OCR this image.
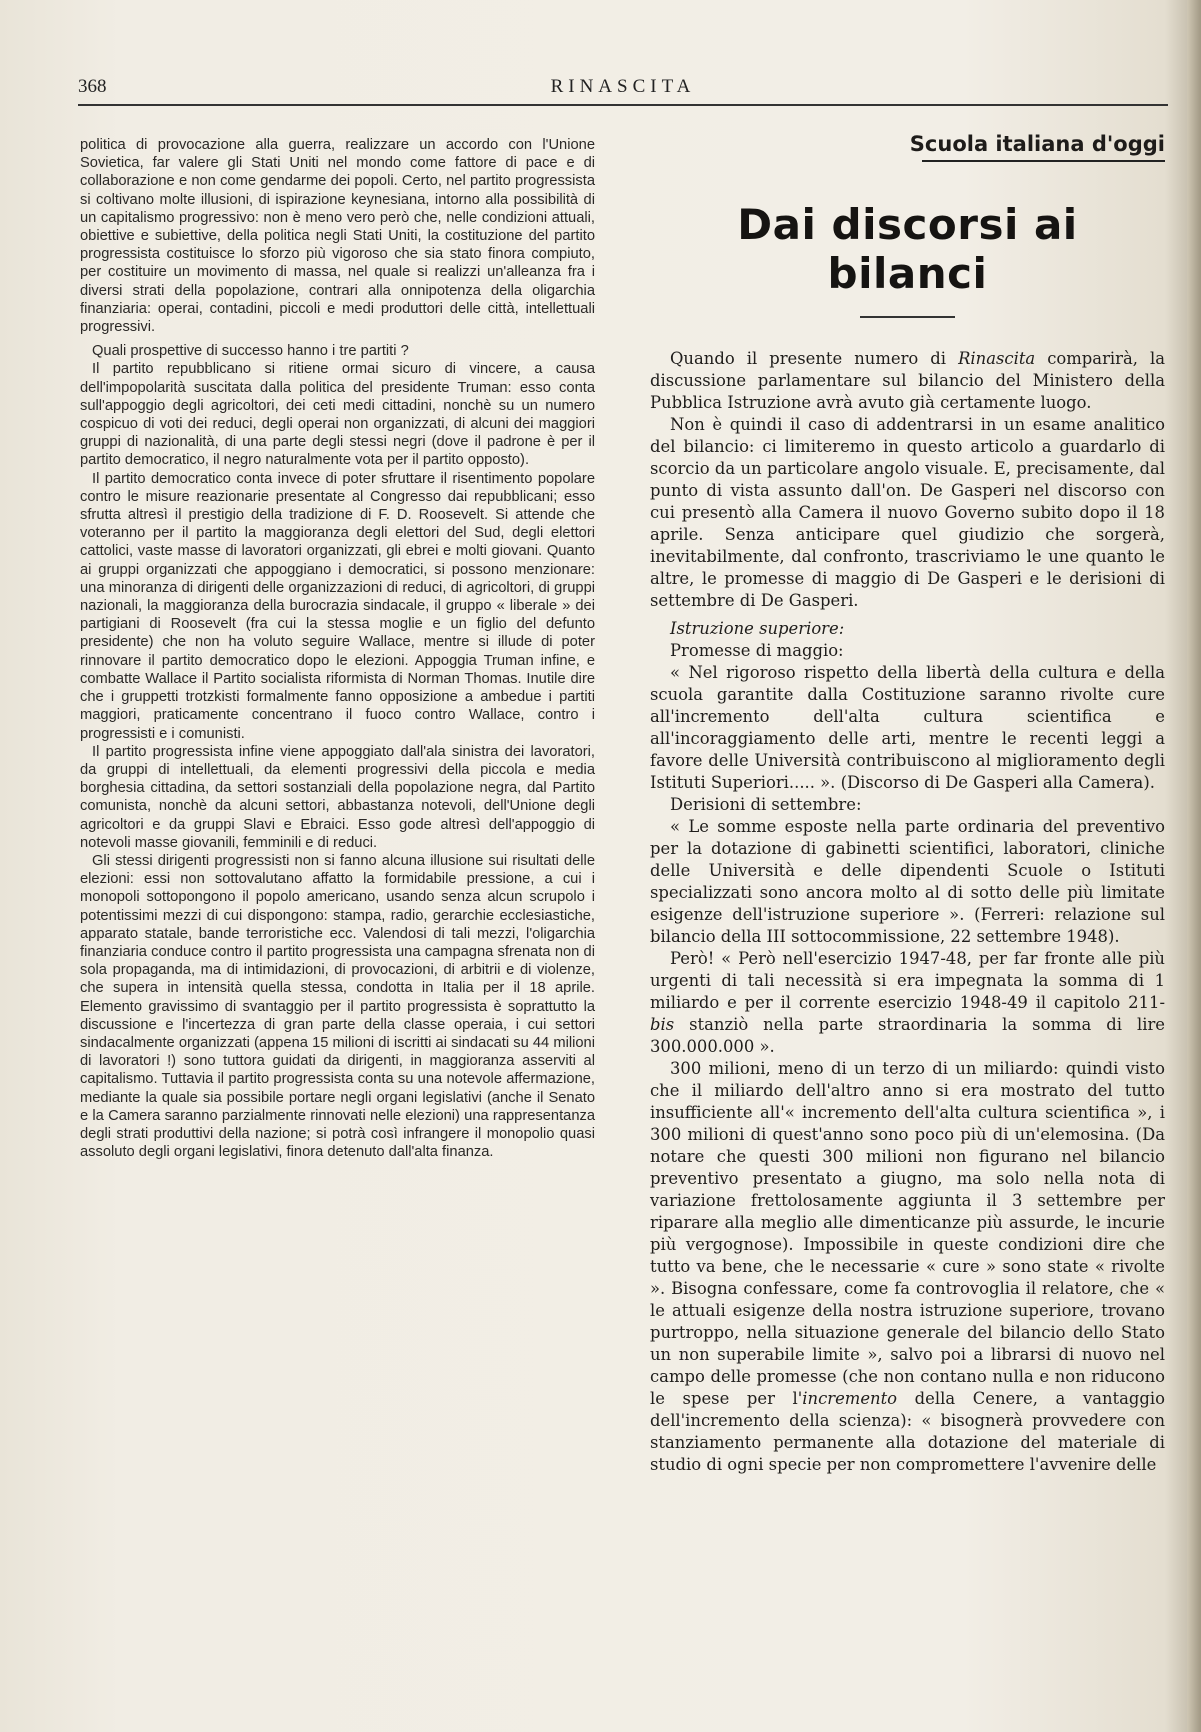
368	RINASCITA

politica di provocazione alla guerra, realizzare un accordo con l'Unione Sovietica, far valere gli Stati Uniti nel mondo come fattore di pace e di collaborazione e non come gendarme dei popoli. Certo, nel partito progressista si coltivano molte illusioni, di ispirazione keynesiana, intorno alla possibilità di un capitalismo progressivo: non è meno vero però che, nelle condizioni attuali, obiettive e subiettive, della politica negli Stati Uniti, la costituzione del partito progressista costituisce lo sforzo più vigoroso che sia stato finora compiuto, per costituire un movimento di massa, nel quale si realizzi un'alleanza fra i diversi strati della popolazione, contrari alla onnipotenza della oligarchia finanziaria: operai, contadini, piccoli e medi produttori delle città, intellettuali progressivi.

Quali prospettive di successo hanno i tre partiti ?

Il partito repubblicano si ritiene ormai sicuro di vincere, a causa dell'impopolarità suscitata dalla politica del presidente Truman: esso conta sull'appoggio degli agricoltori, dei ceti medi cittadini, nonchè su un numero cospicuo di voti dei reduci, degli operai non organizzati, di alcuni dei maggiori gruppi di nazionalità, di una parte degli stessi negri (dove il padrone è per il partito democratico, il negro naturalmente vota per il partito opposto).

Il partito democratico conta invece di poter sfruttare il risentimento popolare contro le misure reazionarie presentate al Congresso dai repubblicani; esso sfrutta altresì il prestigio della tradizione di F. D. Roosevelt. Si attende che voteranno per il partito la maggioranza degli elettori del Sud, degli elettori cattolici, vaste masse di lavoratori organizzati, gli ebrei e molti giovani. Quanto ai gruppi organizzati che appoggiano i democratici, si possono menzionare: una minoranza di dirigenti delle organizzazioni di reduci, di agricoltori, di gruppi nazionali, la maggioranza della burocrazia sindacale, il gruppo « liberale » dei partigiani di Roosevelt (fra cui la stessa moglie e un figlio del defunto presidente) che non ha voluto seguire Wallace, mentre si illude di poter rinnovare il partito democratico dopo le elezioni. Appoggia Truman infine, e combatte Wallace il Partito socialista riformista di Norman Thomas. Inutile dire che i gruppetti trotzkisti formalmente fanno opposizione a ambedue i partiti maggiori, praticamente concentrano il fuoco contro Wallace, contro i progressisti e i comunisti.

Il partito progressista infine viene appoggiato dall'ala sinistra dei lavoratori, da gruppi di intellettuali, da elementi progressivi della piccola e media borghesia cittadina, da settori sostanziali della popolazione negra, dal Partito comunista, nonchè da alcuni settori, abbastanza notevoli, dell'Unione degli agricoltori e da gruppi Slavi e Ebraici. Esso gode altresì dell'appoggio di notevoli masse giovanili, femminili e di reduci.

Gli stessi dirigenti progressisti non si fanno alcuna illusione sui risultati delle elezioni: essi non sottovalutano affatto la formidabile pressione, a cui i monopoli sottopongono il popolo americano, usando senza alcun scrupolo i potentissimi mezzi di cui dispongono: stampa, radio, gerarchie ecclesiastiche, apparato statale, bande terroristiche ecc. Valendosi di tali mezzi, l'oligarchia finanziaria conduce contro il partito progressista una campagna sfrenata non di sola propaganda, ma di intimidazioni, di provocazioni, di arbitrii e di violenze, che supera in intensità quella stessa, condotta in Italia per il 18 aprile. Elemento gravissimo di svantaggio per il partito progressista è soprattutto la discussione e l'incertezza di gran parte della classe operaia, i cui settori sindacalmente organizzati (appena 15 milioni di iscritti ai sindacati su 44 milioni di lavoratori !) sono tuttora guidati da dirigenti, in maggioranza asserviti al capitalismo. Tuttavia il partito progressista conta su una notevole affermazione, mediante la quale sia possibile portare negli organi legislativi (anche il Senato e la Camera saranno parzialmente rinnovati nelle elezioni) una rappresentanza degli strati produttivi della nazione; si potrà così infrangere il monopolio quasi assoluto degli organi legislativi, finora detenuto dall'alta finanza.

Scuola italiana d'oggi
Dai discorsi ai bilanci

Quando il presente numero di Rinascita comparirà, la discussione parlamentare sul bilancio del Ministero della Pubblica Istruzione avrà avuto già certamente luogo.

Non è quindi il caso di addentrarsi in un esame analitico del bilancio: ci limiteremo in questo articolo a guardarlo di scorcio da un particolare angolo visuale. E, precisamente, dal punto di vista assunto dall'on. De Gasperi nel discorso con cui presentò alla Camera il nuovo Governo subito dopo il 18 aprile. Senza anticipare quel giudizio che sorgerà, inevitabilmente, dal confronto, trascriviamo le une quanto le altre, le promesse di maggio di De Gasperi e le derisioni di settembre di De Gasperi.

Istruzione superiore:

Promesse di maggio:

« Nel rigoroso rispetto della libertà della cultura e della scuola garantite dalla Costituzione saranno rivolte cure all'incremento dell'alta cultura scientifica e all'incoraggiamento delle arti, mentre le recenti leggi a favore delle Università contribuiscono al miglioramento degli Istituti Superiori..... ». (Discorso di De Gasperi alla Camera).

Derisioni di settembre:

« Le somme esposte nella parte ordinaria del preventivo per la dotazione di gabinetti scientifici, laboratori, cliniche delle Università e delle dipendenti Scuole o Istituti specializzati sono ancora molto al di sotto delle più limitate esigenze dell'istruzione superiore ». (Ferreri: relazione sul bilancio della III sottocommissione, 22 settembre 1948).

Però! « Però nell'esercizio 1947-48, per far fronte alle più urgenti di tali necessità si era impegnata la somma di 1 miliardo e per il corrente esercizio 1948-49 il capitolo 211-bis stanziò nella parte straordinaria la somma di lire 300.000.000 ».

300 milioni, meno di un terzo di un miliardo: quindi visto che il miliardo dell'altro anno si era mostrato del tutto insufficiente all'« incremento dell'alta cultura scientifica », i 300 milioni di quest'anno sono poco più di un'elemosina. (Da notare che questi 300 milioni non figurano nel bilancio preventivo presentato a giugno, ma solo nella nota di variazione frettolosamente aggiunta il 3 settembre per riparare alla meglio alle dimenticanze più assurde, le incurie più vergognose). Impossibile in queste condizioni dire che tutto va bene, che le necessarie « cure » sono state « rivolte ». Bisogna confessare, come fa controvoglia il relatore, che « le attuali esigenze della nostra istruzione superiore, trovano purtroppo, nella situazione generale del bilancio dello Stato un non superabile limite », salvo poi a librarsi di nuovo nel campo delle promesse (che non contano nulla e non riducono le spese per l'incremento della Cenere, a vantaggio dell'incremento della scienza): « bisognerà provvedere con stanziamento permanente alla dotazione del materiale di studio di ogni specie per non compromettere l'avvenire delle
